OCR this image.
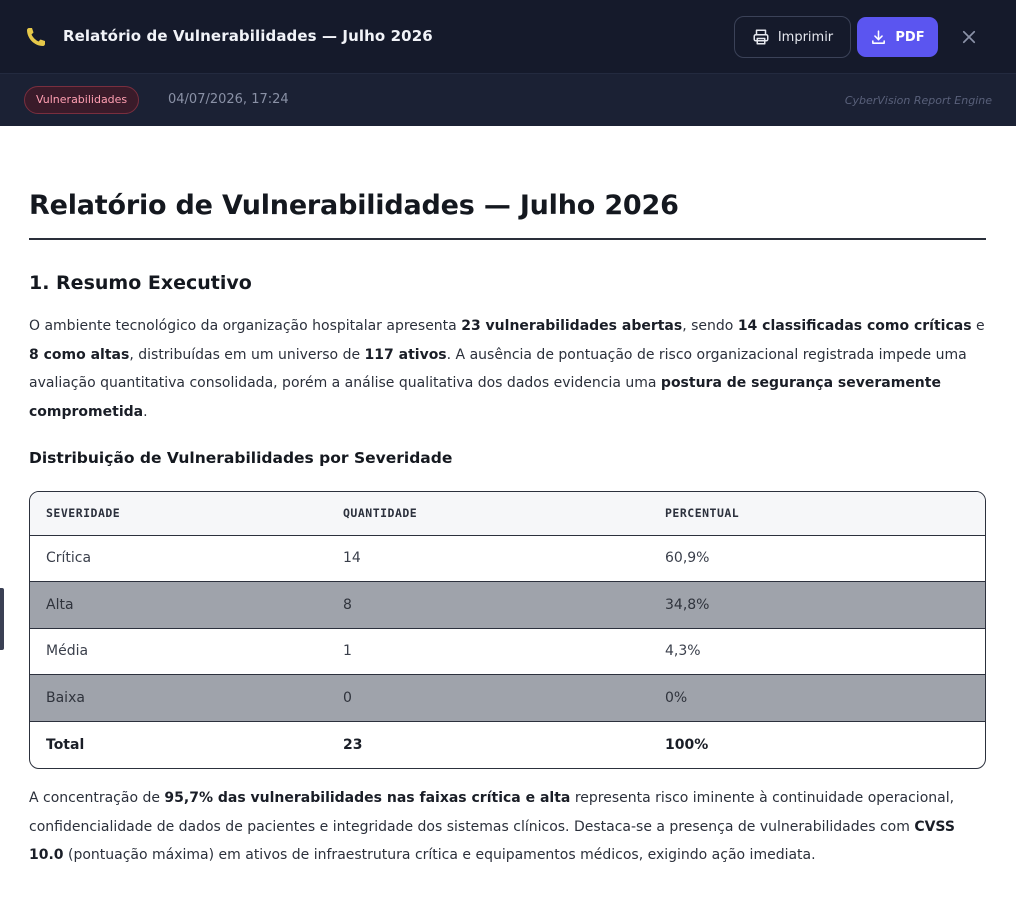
Relatório de Vulnerabilidades — Julho 2026	Imprimir	PDF
Vulnerabilidades	04/07/2026, 17:24	CyberVision Report Engine
Relatório de Vulnerabilidades — Julho 2026
1. Resumo Executivo

O ambiente tecnológico da organização hospitalar apresenta 23 vulnerabilidades abertas, sendo 14 classificadas como críticas e 8 como altas, distribuídas em um universo de 117 ativos. A ausência de pontuação de risco organizacional registrada impede uma avaliação quantitativa consolidada, porém a análise qualitativa dos dados evidencia uma postura de segurança severamente comprometida.

Distribuição de Vulnerabilidades por Severidade
SEVERIDADE	QUANTIDADE	PERCENTUAL
Crítica	14	60,9%
Alta	8	34,8%
Média	1	4,3%
Baixa	0	0%
Total	23	100%

A concentração de 95,7% das vulnerabilidades nas faixas crítica e alta representa risco iminente à continuidade operacional, confidencialidade de dados de pacientes e integridade dos sistemas clínicos. Destaca-se a presença de vulnerabilidades com CVSS 10.0 (pontuação máxima) em ativos de infraestrutura crítica e equipamentos médicos, exigindo ação imediata.
